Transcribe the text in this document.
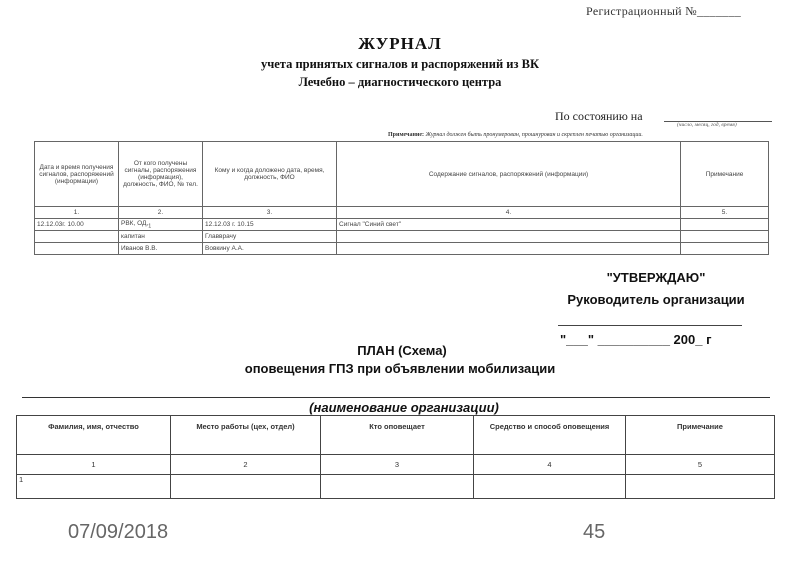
Регистрационный №_______
ЖУРНАЛ
учета принятых сигналов и распоряжений из ВК
Лечебно – диагностического центра
По состоянию на
(число, месяц, год, время)
Примечание: Журнал должен быть пронумерован, прошнурован и скреплен печатью организации.
Дата и время получения сигналов, распоряжений (информации)	От кого получены сигналы, распоряжения (информация), должность, ФИО, № тел.	Кому и когда доложено дата, время, должность, ФИО	Содержание сигналов, распоряжений (информации)	Примечание
1.	2.	3.	4.	5.
12.12.03г. 10.00	РВК, $ОД,_1$	12.12.03 г. 10.15	Сигнал "Синий свет"	
	капитан	Главврачу		
	Иванов В.В.	Вовкину А.А.		
"УТВЕРЖДАЮ"
Руководитель организации
"___" __________ 200_ г
ПЛАН (Схема)
оповещения ГПЗ при объявлении мобилизации
(наименование организации)
Фамилия, имя, отчество	Место работы (цех, отдел)	Кто оповещает	Средство и способ оповещения	Примечание
1	2	3	4	5
1				
07/09/2018	45
